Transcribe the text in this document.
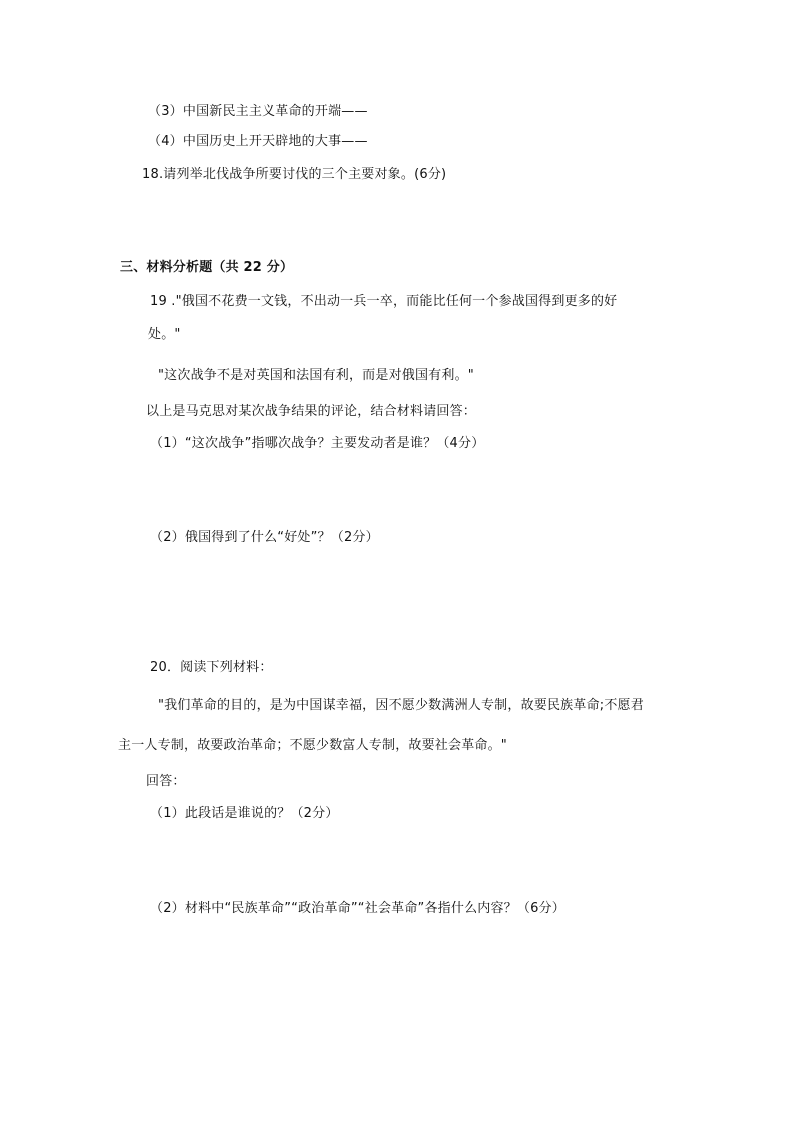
（3）中国新民主主义革命的开端——
（4）中国历史上开天辟地的大事——
18.请列举北伐战争所要讨伐的三个主要对象。(6分)
三、材料分析题（共 22 分）
19 ."俄国不花费一文钱，不出动一兵一卒，而能比任何一个参战国得到更多的好
处。"
"这次战争不是对英国和法国有利，而是对俄国有利。"
以上是马克思对某次战争结果的评论，结合材料请回答：
（1）“这次战争”指哪次战争？主要发动者是谁？（4分）
（2）俄国得到了什么“好处”？（2分）
20．阅读下列材料：
"我们革命的目的，是为中国谋幸福，因不愿少数满洲人专制，故要民族革命;不愿君
主一人专制，故要政治革命；不愿少数富人专制，故要社会革命。"
回答：
（1）此段话是谁说的？（2分）
（2）材料中“民族革命”“政治革命”“社会革命”各指什么内容？（6分）
